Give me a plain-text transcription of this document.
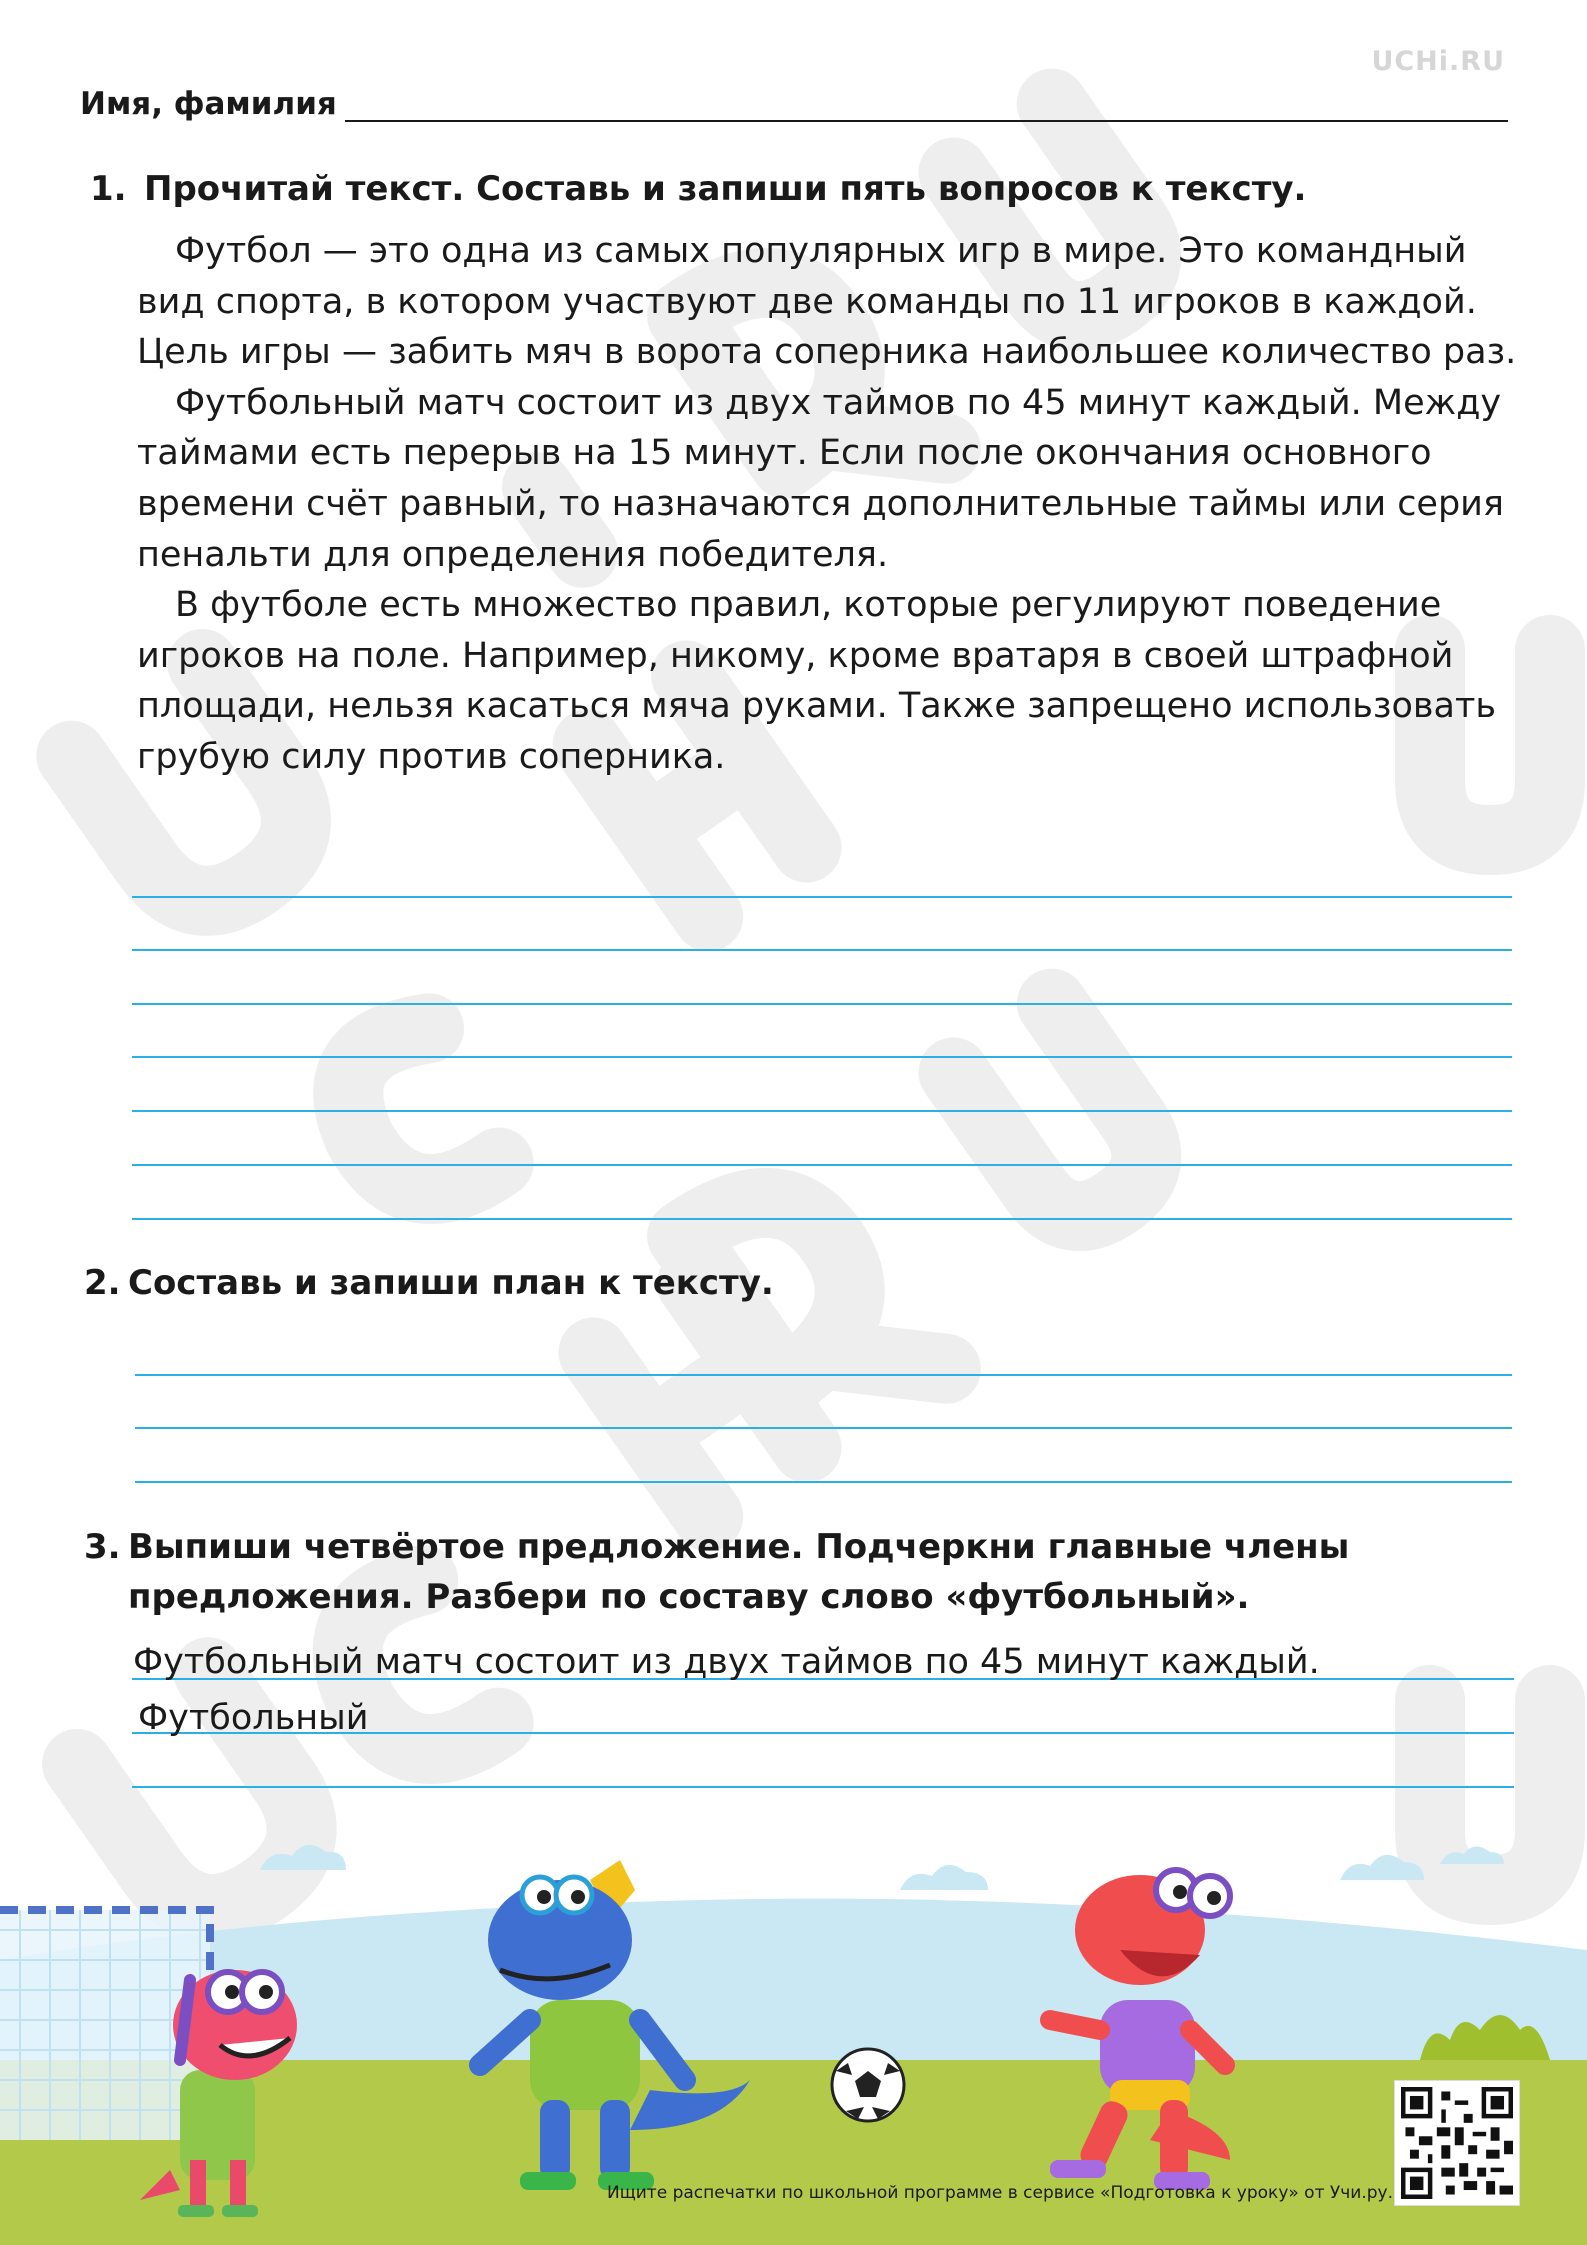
UCHi.RU
Имя, фамилия
1. Прочитай текст. Составь и запиши пять вопросов к тексту.
Футбол — это одна из самых популярных игр в мире. Это командный вид спорта, в котором участвуют две команды по 11 игроков в каждой. Цель игры — забить мяч в ворота соперника наибольшее количество раз.
Футбольный матч состоит из двух таймов по 45 минут каждый. Между таймами есть перерыв на 15 минут. Если после окончания основного времени счёт равный, то назначаются дополнительные таймы или серия пенальти для определения победителя.
В футболе есть множество правил, которые регулируют поведение игроков на поле. Например, никому, кроме вратаря в своей штрафной площади, нельзя касаться мяча руками. Также запрещено использовать грубую силу против соперника.
2. Составь и запиши план к тексту.
3. Выпиши четвёртое предложение. Подчеркни главные члены
предложения. Разбери по составу слово «футбольный».
Футбольный матч состоит из двух таймов по 45 минут каждый.
Футбольный
Ищите распечатки по школьной программе в сервисе «Подготовка к уроку» от Учи.ру.
